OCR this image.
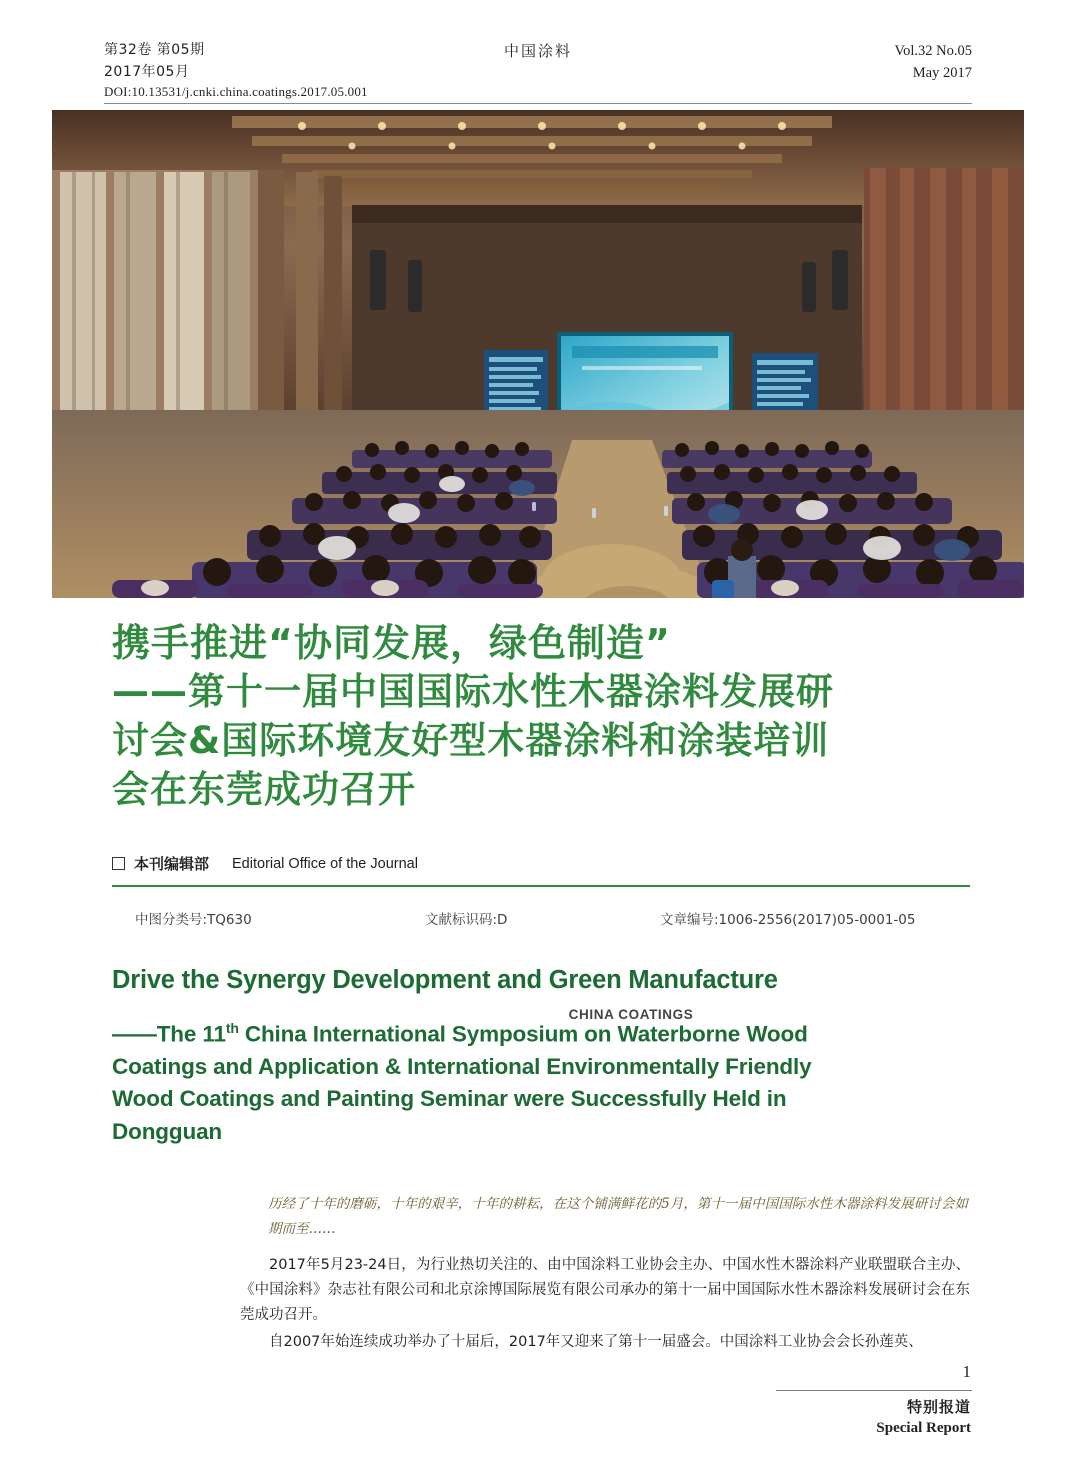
第32卷 第05期
2017年05月
中国涂料
CHINA COATINGS
Vol.32 No.05
May 2017
DOI:10.13531/j.cnki.china.coatings.2017.05.001
携手推进“协同发展，绿色制造”
——第十一届中国国际水性木器涂料发展研
讨会&国际环境友好型木器涂料和涂装培训
会在东莞成功召开
本刊编辑部 Editorial Office of the Journal
中图分类号:TQ630	文献标识码:D	文章编号:1006-2556(2017)05-0001-05
Drive the Synergy Development and Green Manufacture
——The 11th China International Symposium on Waterborne Wood
Coatings and Application & International Environmentally Friendly
Wood Coatings and Painting Seminar were Successfully Held in
Dongguan
历经了十年的磨砺，十年的艰辛，十年的耕耘，在这个铺满鲜花的5月，第十一届中国国际水性木器涂料发展研讨会如期而至……
2017年5月23-24日，为行业热切关注的、由中国涂料工业协会主办、中国水性木器涂料产业联盟联合主办、《中国涂料》杂志社有限公司和北京涂博国际展览有限公司承办的第十一届中国国际水性木器涂料发展研讨会在东莞成功召开。
自2007年始连续成功举办了十届后，2017年又迎来了第十一届盛会。中国涂料工业协会会长孙莲英、
1
特别报道
Special Report
